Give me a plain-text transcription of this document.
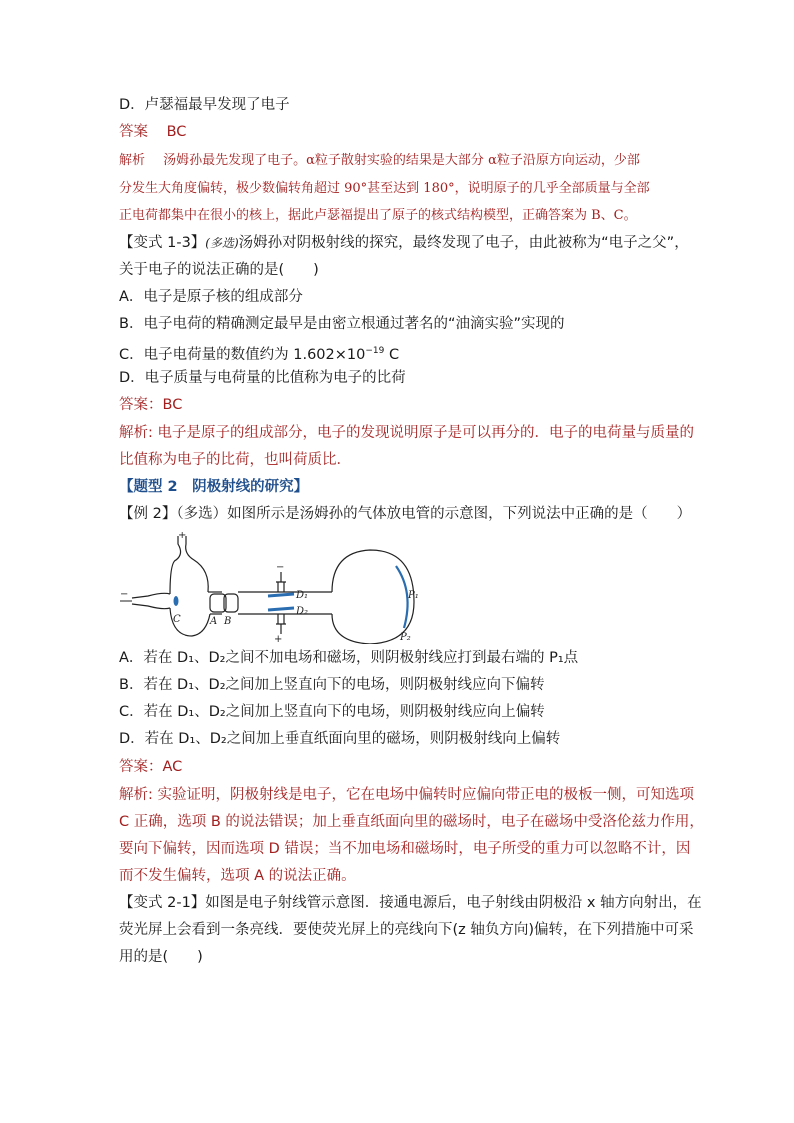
D．卢瑟福最早发现了电子
答案 BC
解析 汤姆孙最先发现了电子。α粒子散射实验的结果是大部分 α粒子沿原方向运动，少部
分发生大角度偏转，极少数偏转角超过 90°甚至达到 180°，说明原子的几乎全部质量与全部
正电荷都集中在很小的核上，据此卢瑟福提出了原子的核式结构模型，正确答案为 B、C。
【变式 1-3】(多选)汤姆孙对阴极射线的探究，最终发现了电子，由此被称为“电子之父”，
关于电子的说法正确的是(　　)
A．电子是原子核的组成部分
B．电子电荷的精确测定最早是由密立根通过著名的“油滴实验”实现的
C．电子电荷量的数值约为 $1.602\times 10^{-19}$ C
D．电子质量与电荷量的比值称为电子的比荷
答案：BC
解析: 电子是原子的组成部分，电子的发现说明原子是可以再分的．电子的电荷量与质量的
比值称为电子的比荷，也叫荷质比．
【题型 2　阴极射线的研究】
【例 2】（多选）如图所示是汤姆孙的气体放电管的示意图，下列说法中正确的是（　　）
+
−
C	A B
−
D₁
D₂
+
P₁
P₂
A．若在 D₁、D₂之间不加电场和磁场，则阴极射线应打到最右端的 P₁点
B．若在 D₁、D₂之间加上竖直向下的电场，则阴极射线应向下偏转
C．若在 D₁、D₂之间加上竖直向下的电场，则阴极射线应向上偏转
D．若在 D₁、D₂之间加上垂直纸面向里的磁场，则阴极射线向上偏转
答案：AC
解析: 实验证明，阴极射线是电子，它在电场中偏转时应偏向带正电的极板一侧，可知选项
C 正确，选项 B 的说法错误；加上垂直纸面向里的磁场时，电子在磁场中受洛伦兹力作用，
要向下偏转，因而选项 D 错误；当不加电场和磁场时，电子所受的重力可以忽略不计，因
而不发生偏转，选项 A 的说法正确。
【变式 2-1】如图是电子射线管示意图．接通电源后，电子射线由阴极沿 x 轴方向射出，在
荧光屏上会看到一条亮线．要使荧光屏上的亮线向下(z 轴负方向)偏转，在下列措施中可采
用的是(　　)
